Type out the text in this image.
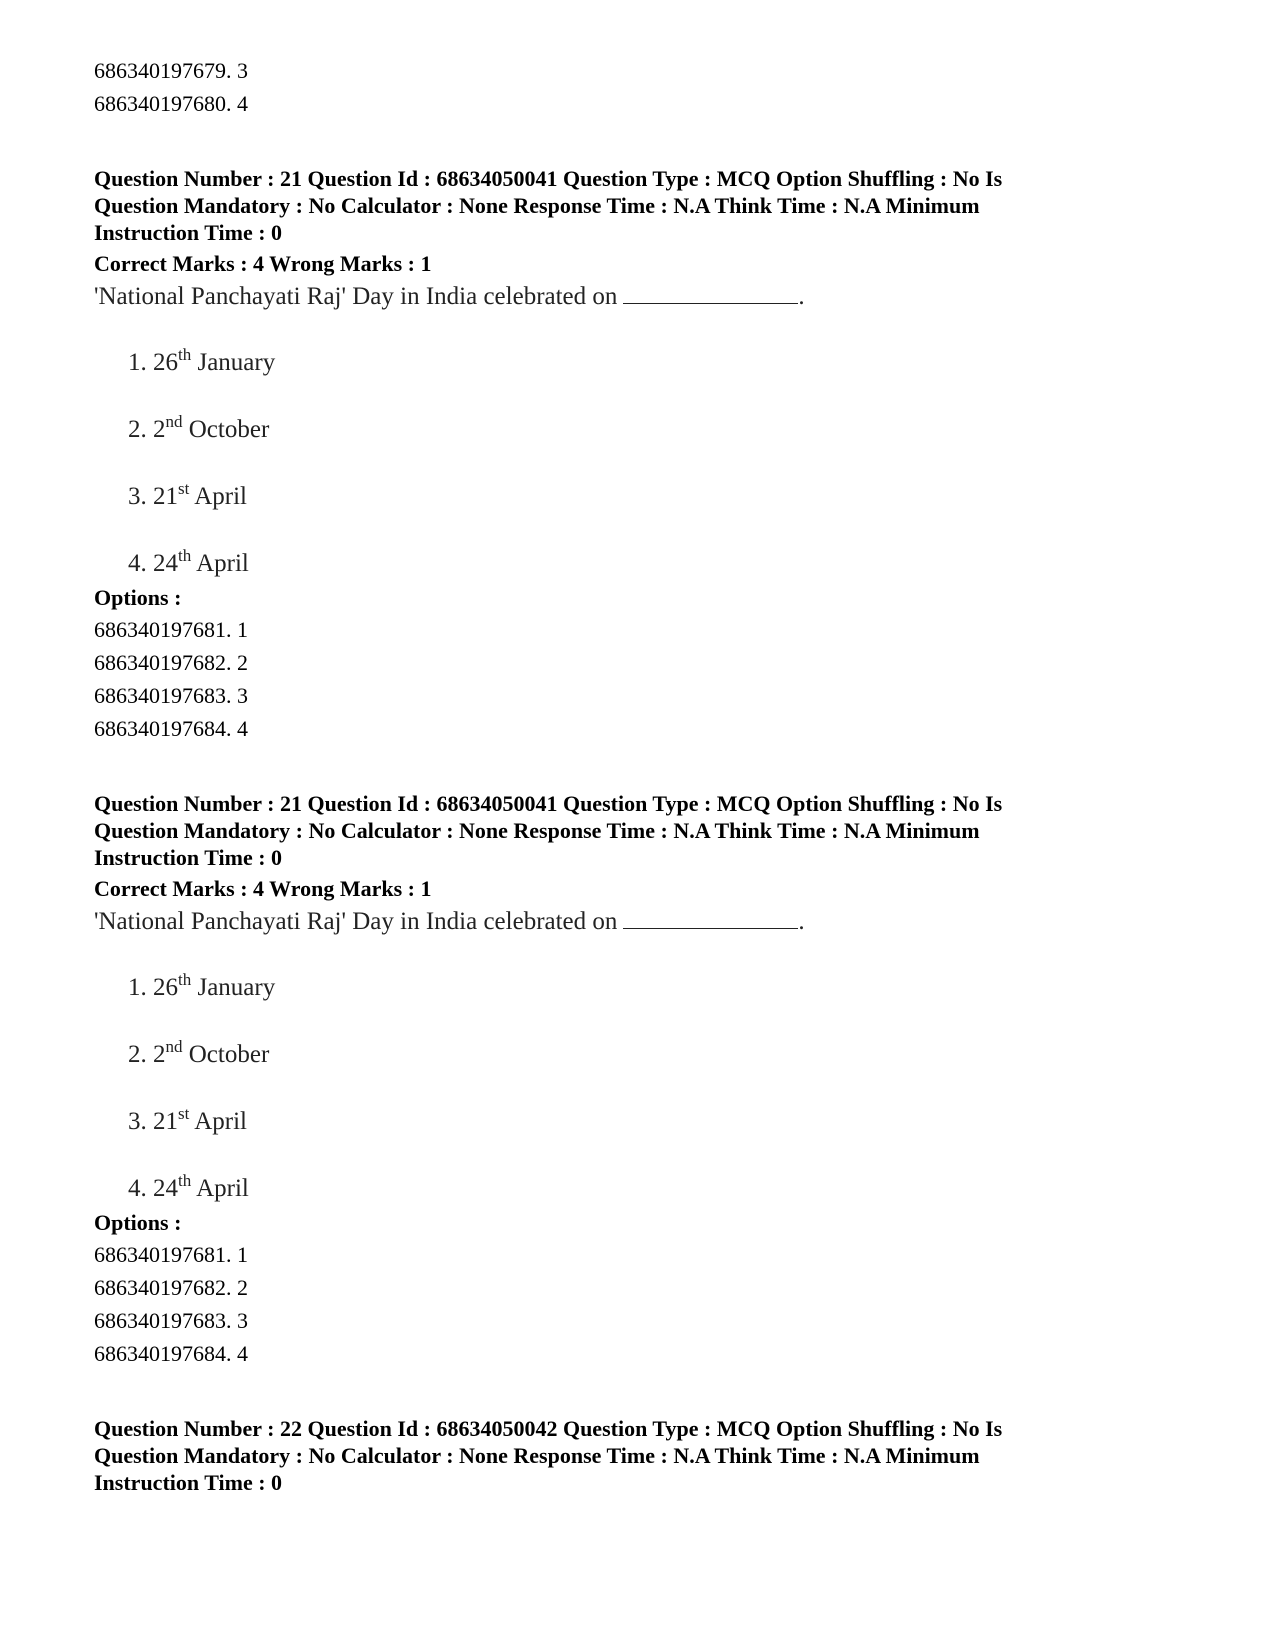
686340197679. 3
686340197680. 4
Question Number : 21 Question Id : 68634050041 Question Type : MCQ Option Shuffling : No Is
Question Mandatory : No Calculator : None Response Time : N.A Think Time : N.A Minimum
Instruction Time : 0
Correct Marks : 4 Wrong Marks : 1
'National Panchayati Raj' Day in India celebrated on	.
1. 26th January
2. 2nd October
3. 21st April
4. 24th April
Options :
686340197681. 1
686340197682. 2
686340197683. 3
686340197684. 4
Question Number : 21 Question Id : 68634050041 Question Type : MCQ Option Shuffling : No Is
Question Mandatory : No Calculator : None Response Time : N.A Think Time : N.A Minimum
Instruction Time : 0
Correct Marks : 4 Wrong Marks : 1
'National Panchayati Raj' Day in India celebrated on	.
1. 26th January
2. 2nd October
3. 21st April
4. 24th April
Options :
686340197681. 1
686340197682. 2
686340197683. 3
686340197684. 4
Question Number : 22 Question Id : 68634050042 Question Type : MCQ Option Shuffling : No Is
Question Mandatory : No Calculator : None Response Time : N.A Think Time : N.A Minimum
Instruction Time : 0
